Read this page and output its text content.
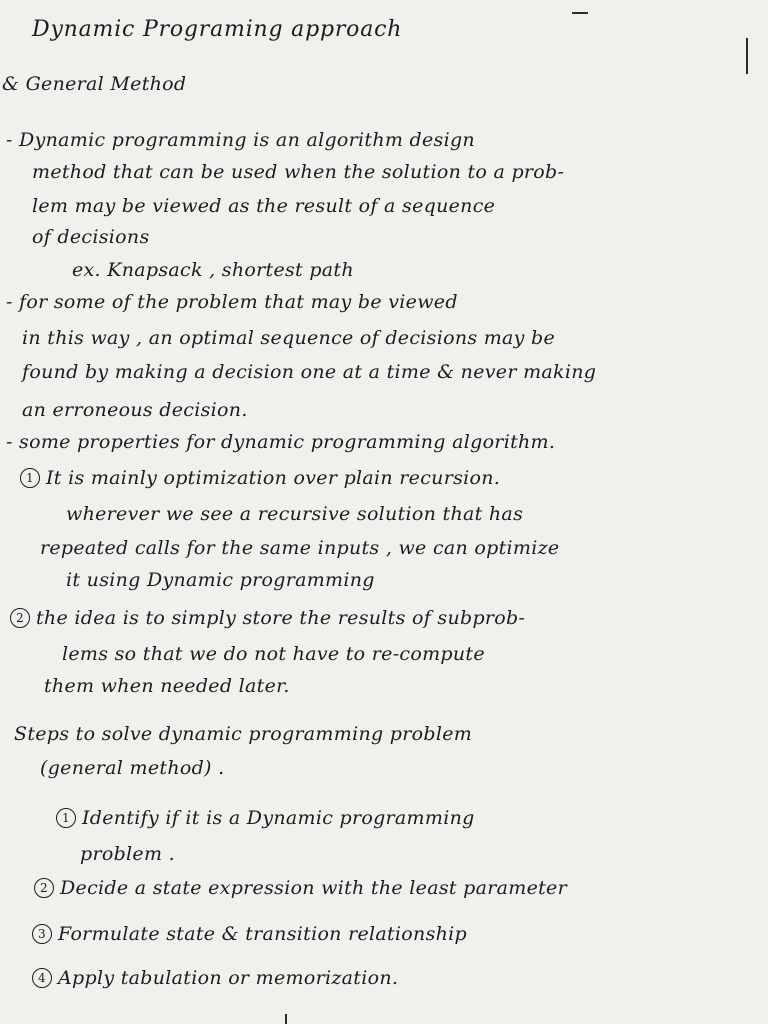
Dynamic Programing approach
& General Method
- Dynamic programming is an algorithm design
method that can be used when the solution to a prob-
lem may be viewed as the result of a sequence
of decisions
ex. Knapsack , shortest path
- for some of the problem that may be viewed
in this way , an optimal sequence of decisions may be
found by making a decision one at a time & never making
an erroneous decision.
- some properties for dynamic programming algorithm.
1 It is mainly optimization over plain recursion.
wherever we see a recursive solution that has
repeated calls for the same inputs , we can optimize
it using Dynamic programming
2 the idea is to simply store the results of subprob-
lems so that we do not have to re-compute
them when needed later.
Steps to solve dynamic programming problem
(general method) .
1 Identify if it is a Dynamic programming
problem .
2 Decide a state expression with the least parameter
3 Formulate state & transition relationship
4 Apply tabulation or memorization.
